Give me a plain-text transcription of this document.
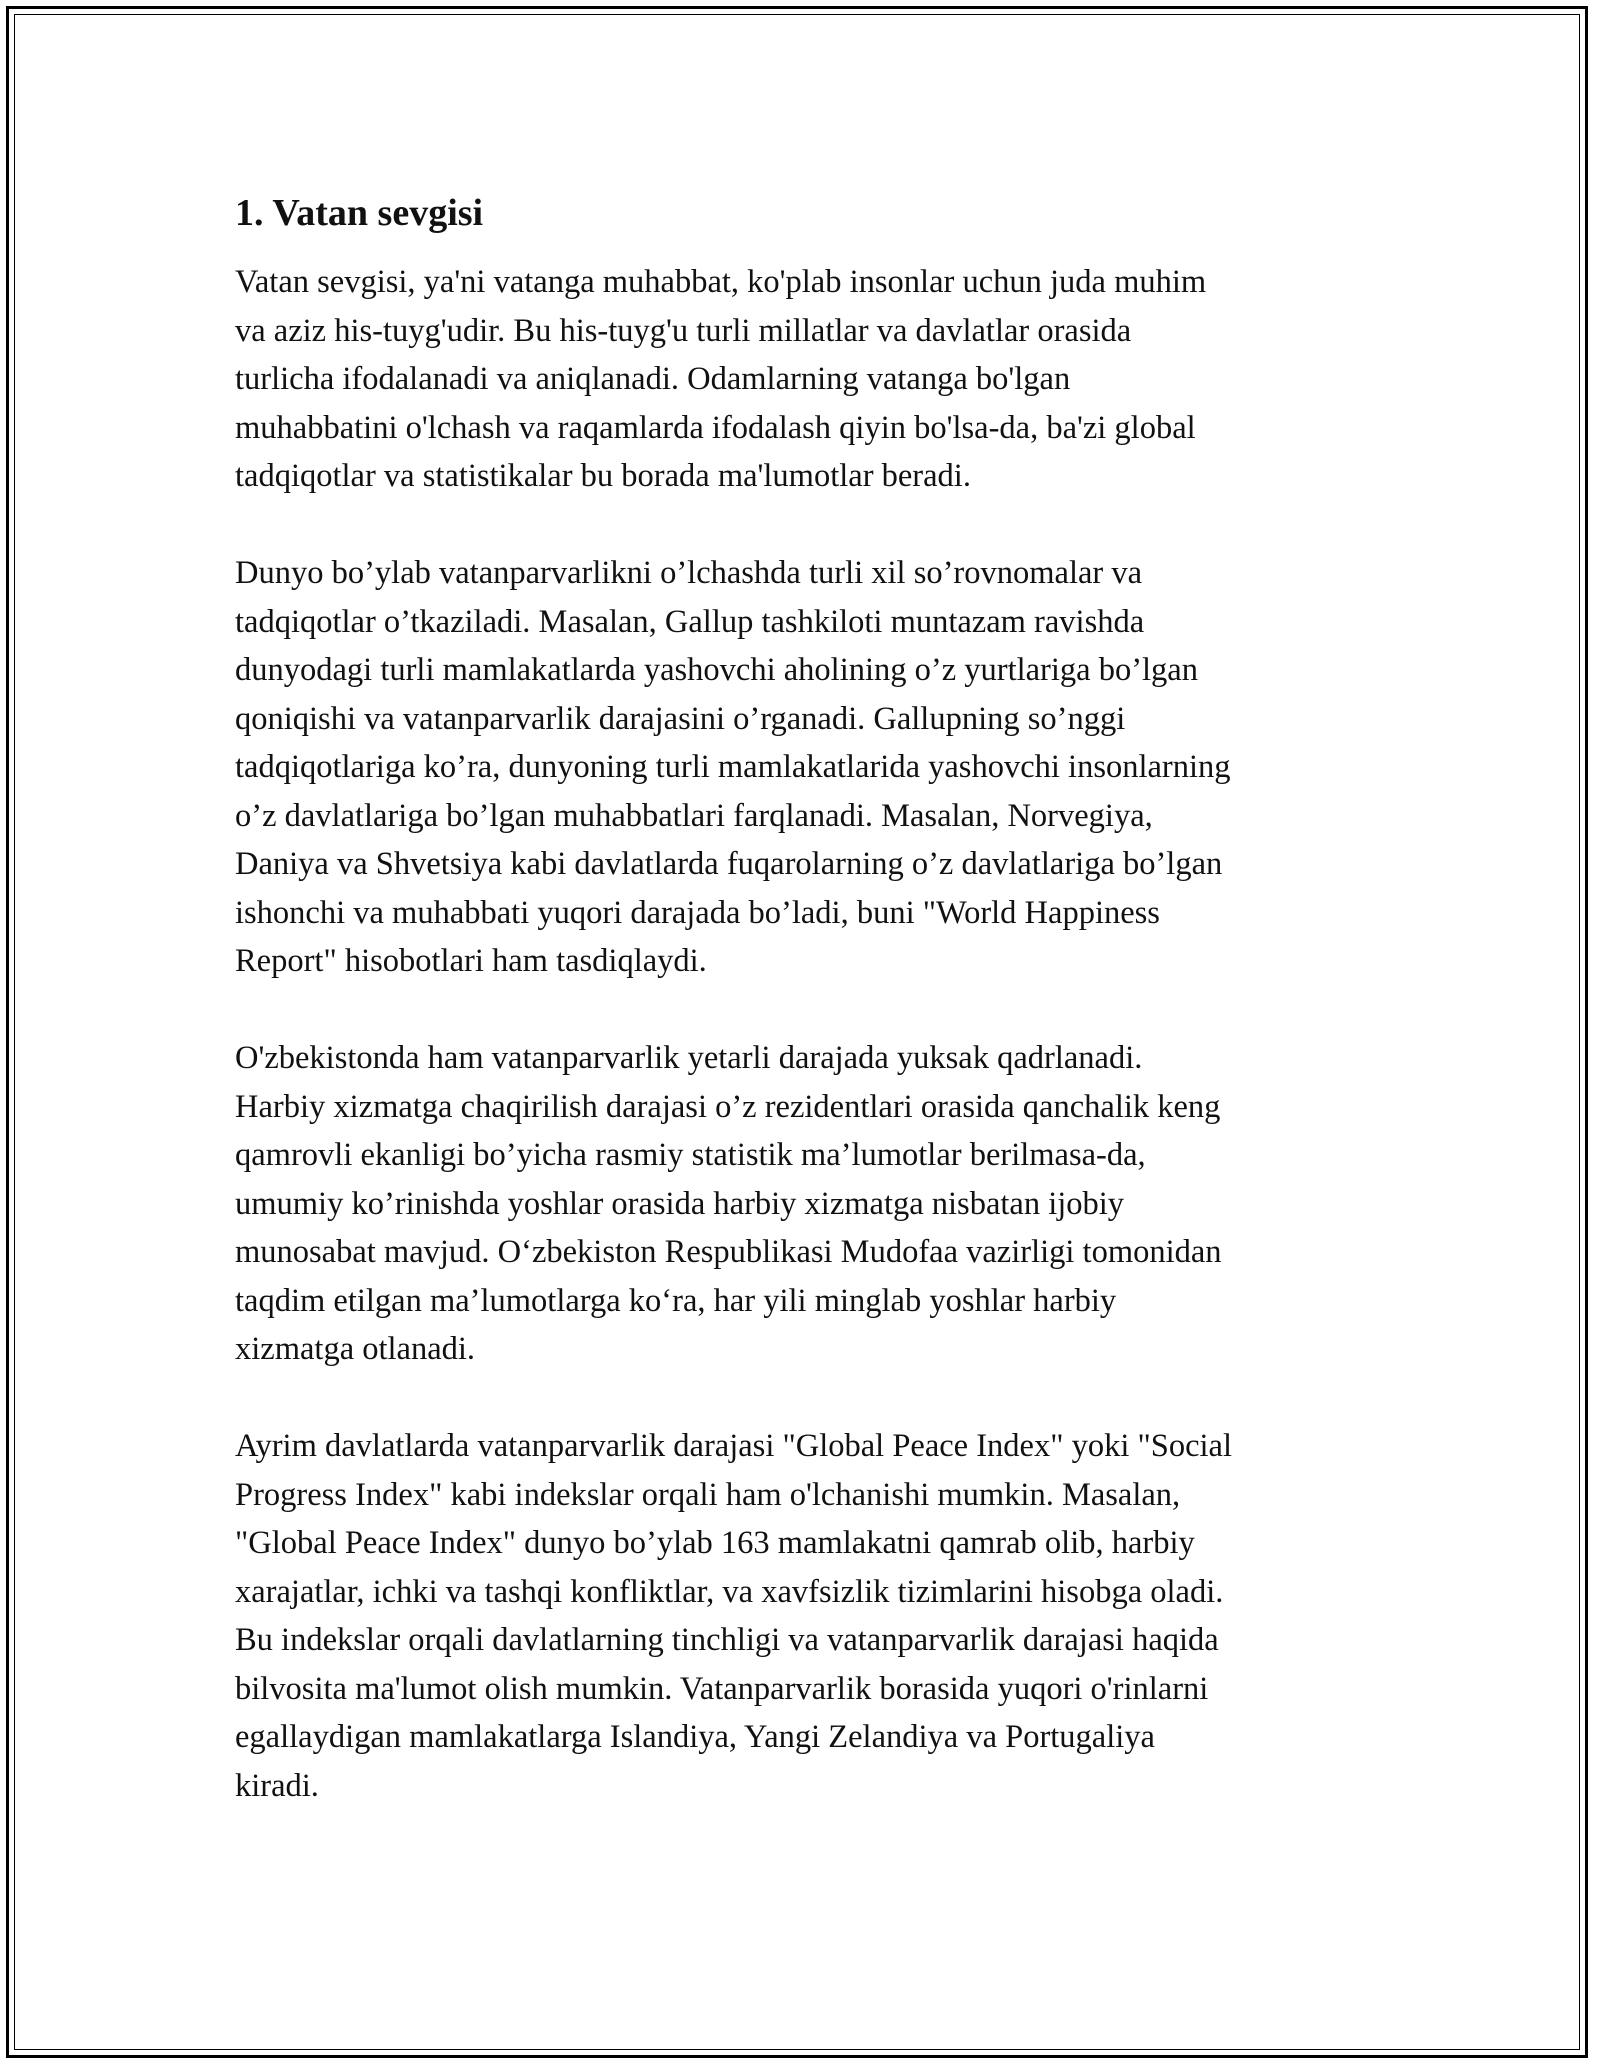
1. Vatan sevgisi

Vatan sevgisi, ya'ni vatanga muhabbat, ko'plab insonlar uchun juda muhim
va aziz his-tuyg'udir. Bu his-tuyg'u turli millatlar va davlatlar orasida
turlicha ifodalanadi va aniqlanadi. Odamlarning vatanga bo'lgan
muhabbatini o'lchash va raqamlarda ifodalash qiyin bo'lsa-da, ba'zi global
tadqiqotlar va statistikalar bu borada ma'lumotlar beradi.

Dunyo bo’ylab vatanparvarlikni o’lchashda turli xil so’rovnomalar va
tadqiqotlar o’tkaziladi. Masalan, Gallup tashkiloti muntazam ravishda
dunyodagi turli mamlakatlarda yashovchi aholining o’z yurtlariga bo’lgan
qoniqishi va vatanparvarlik darajasini o’rganadi. Gallupning so’nggi
tadqiqotlariga ko’ra, dunyoning turli mamlakatlarida yashovchi insonlarning
o’z davlatlariga bo’lgan muhabbatlari farqlanadi. Masalan, Norvegiya,
Daniya va Shvetsiya kabi davlatlarda fuqarolarning o’z davlatlariga bo’lgan
ishonchi va muhabbati yuqori darajada bo’ladi, buni "World Happiness
Report" hisobotlari ham tasdiqlaydi.

O'zbekistonda ham vatanparvarlik yetarli darajada yuksak qadrlanadi.
Harbiy xizmatga chaqirilish darajasi o’z rezidentlari orasida qanchalik keng
qamrovli ekanligi bo’yicha rasmiy statistik ma’lumotlar berilmasa-da,
umumiy ko’rinishda yoshlar orasida harbiy xizmatga nisbatan ijobiy
munosabat mavjud. O‘zbekiston Respublikasi Mudofaa vazirligi tomonidan
taqdim etilgan ma’lumotlarga ko‘ra, har yili minglab yoshlar harbiy
xizmatga otlanadi.

Ayrim davlatlarda vatanparvarlik darajasi "Global Peace Index" yoki "Social
Progress Index" kabi indekslar orqali ham o'lchanishi mumkin. Masalan,
"Global Peace Index" dunyo bo’ylab 163 mamlakatni qamrab olib, harbiy
xarajatlar, ichki va tashqi konfliktlar, va xavfsizlik tizimlarini hisobga oladi.
Bu indekslar orqali davlatlarning tinchligi va vatanparvarlik darajasi haqida
bilvosita ma'lumot olish mumkin. Vatanparvarlik borasida yuqori o'rinlarni
egallaydigan mamlakatlarga Islandiya, Yangi Zelandiya va Portugaliya
kiradi.
